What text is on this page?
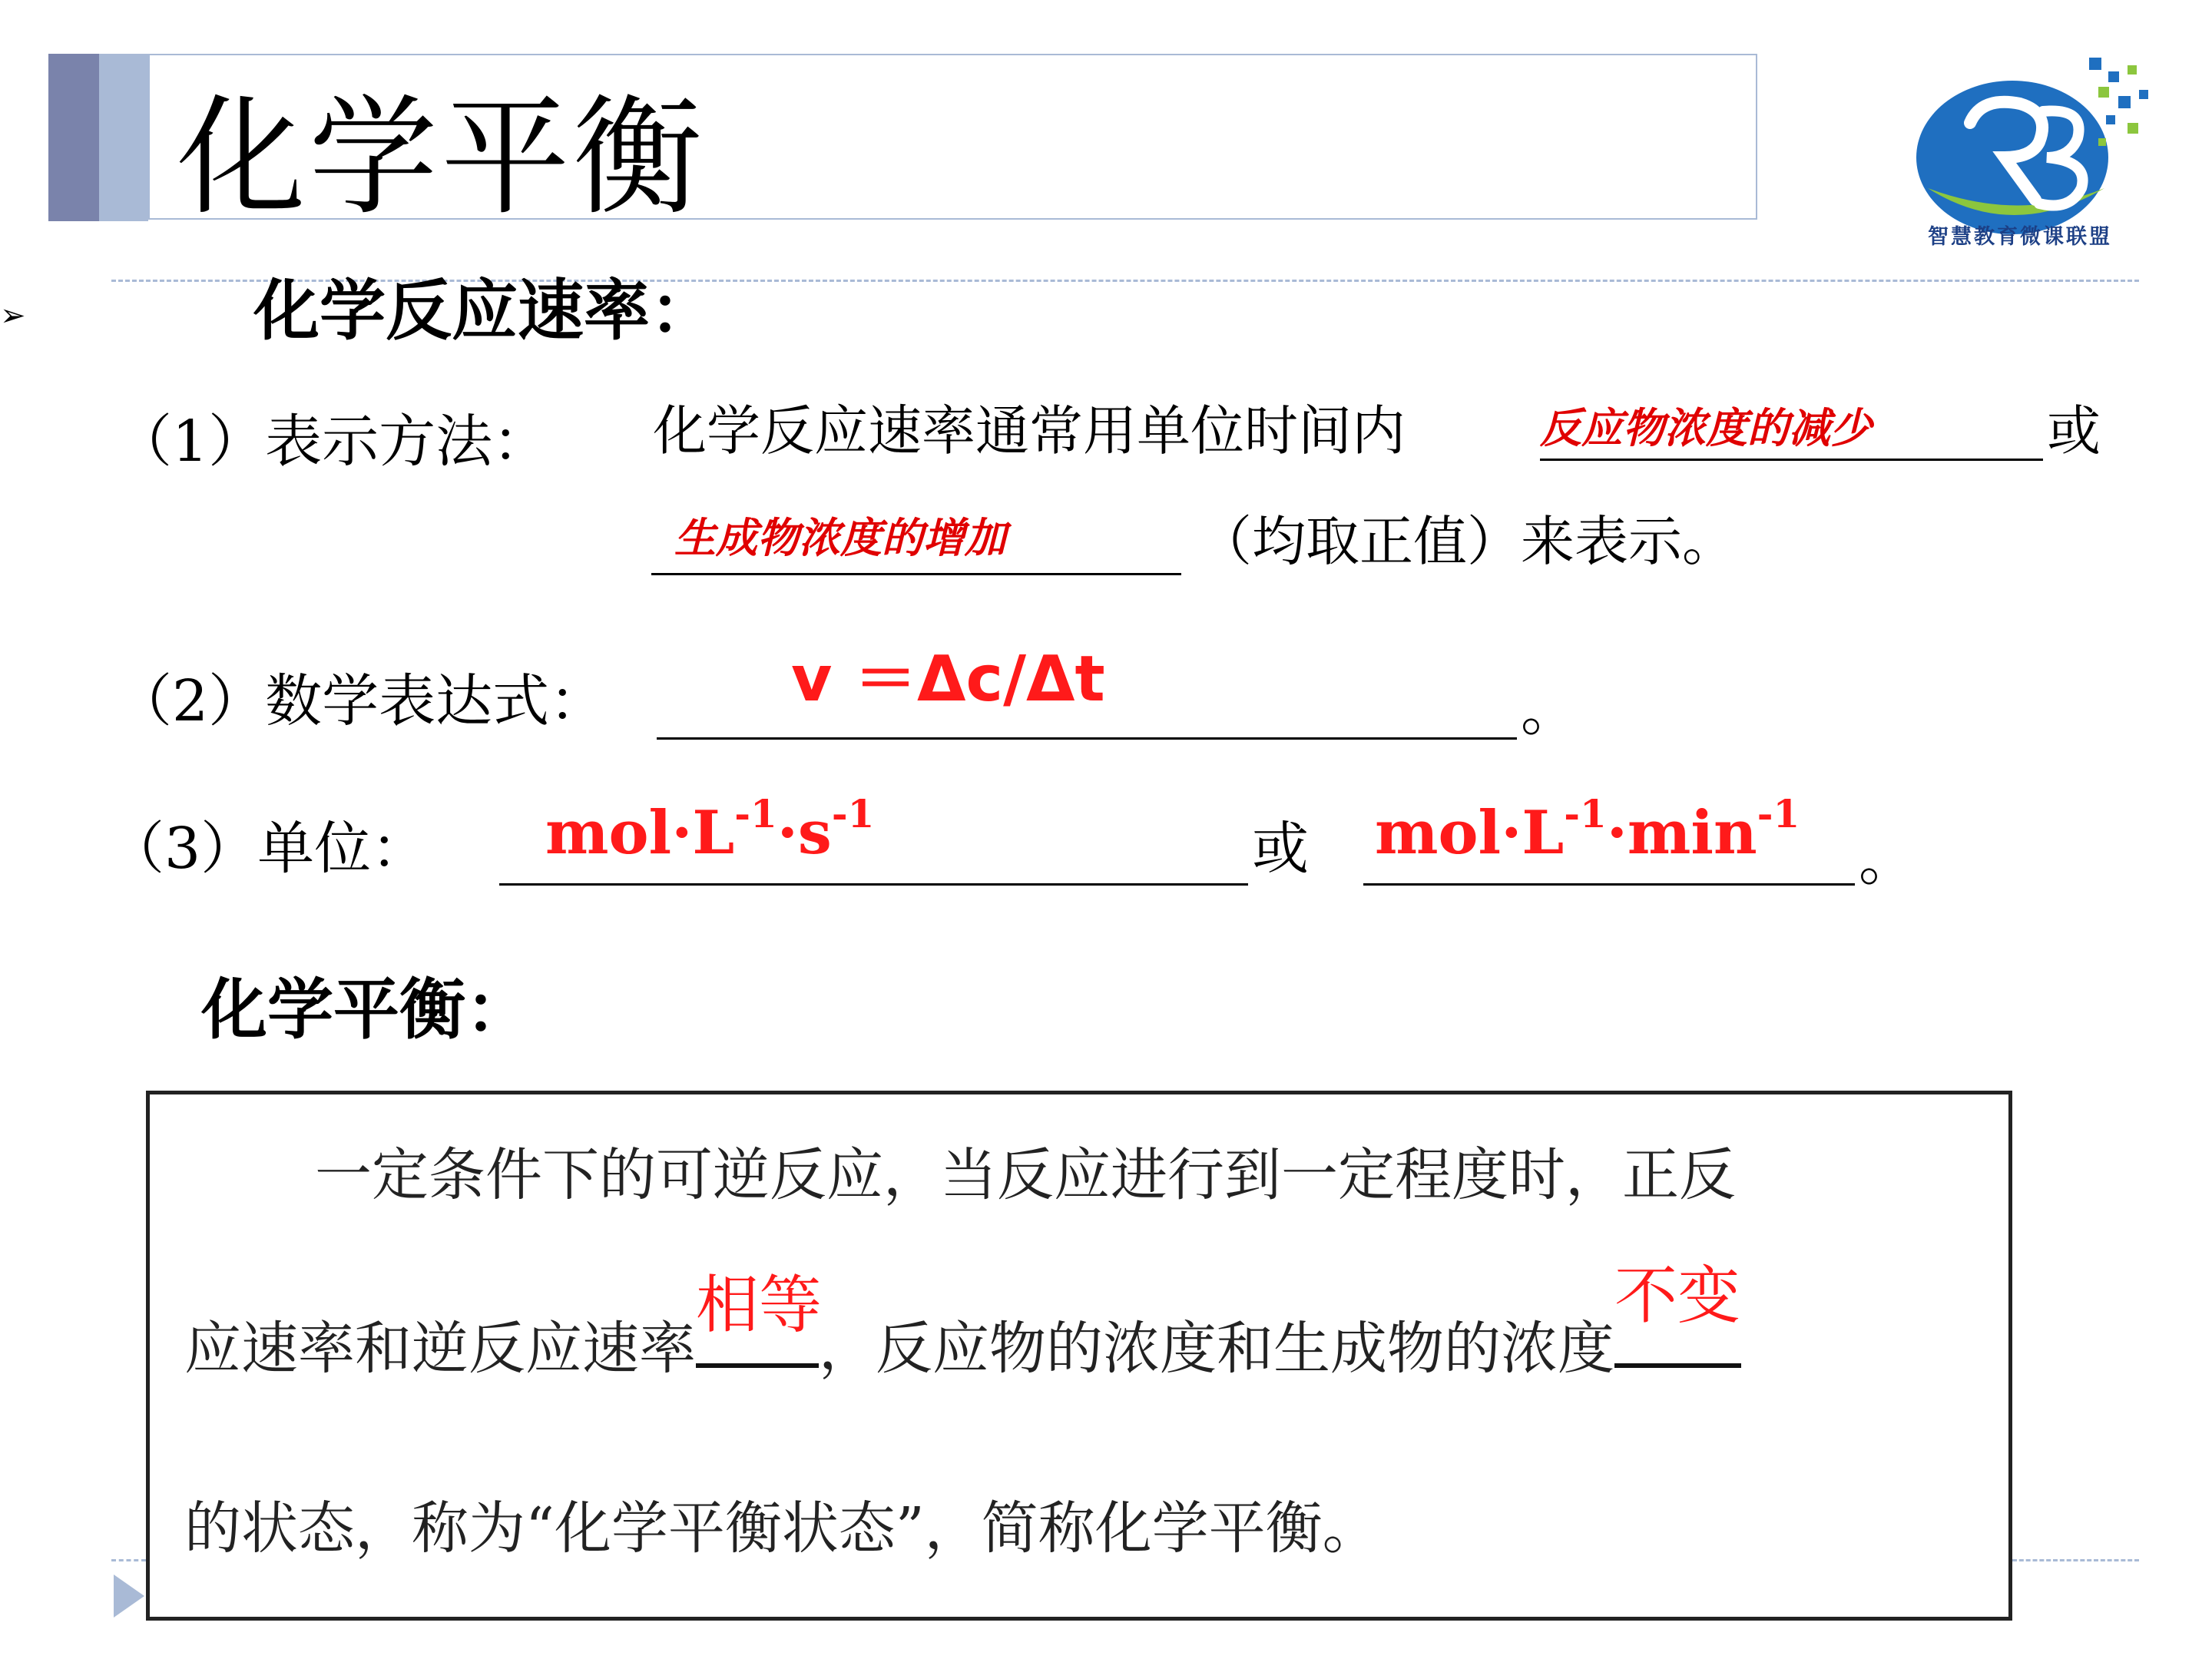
化学平衡
智慧教育微课联盟
➢	化学反应速率：
（1）表示方法： 化学反应速率通常用单位时间内	反应物浓度的减少	或
生成物浓度的增加	（均取正值）来表示。
（2）数学表达式：	v ＝Δc/Δt	。
（3）单位： $mol\cdot L^{-1}\cdot s^{-1}$
或 $mol\cdot L^{-1}\cdot\min^{-1}$
。
化学平衡：
一定条件下的可逆反应，当反应进行到一定程度时，正反
应速率和逆反应速率
相等
，反应物的浓度和生成物的浓度
不变
的状态，称为“化学平衡状态”，简称化学平衡。
